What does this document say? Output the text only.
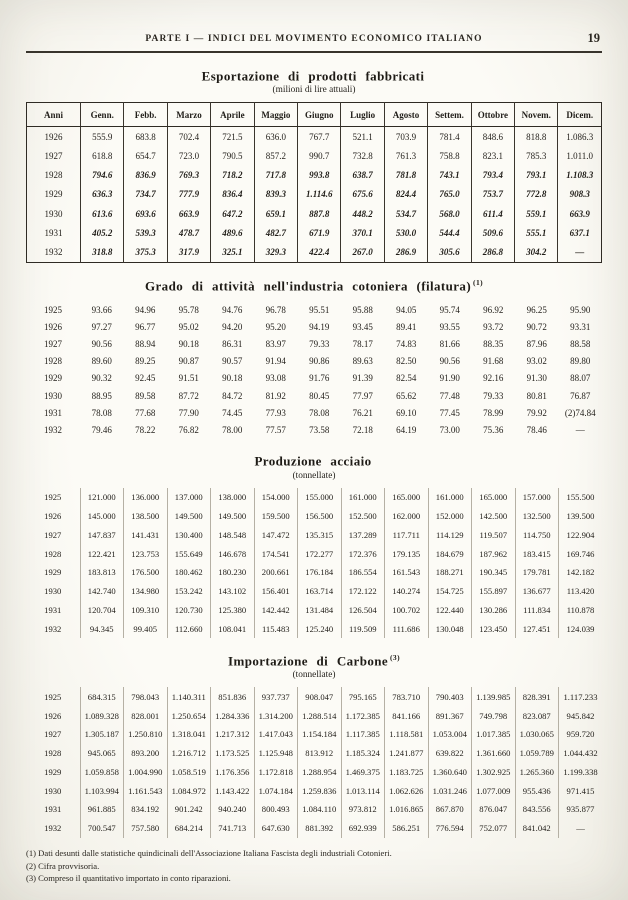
PARTE I — INDICI DEL MOVIMENTO ECONOMICO ITALIANO	19
Esportazione di prodotti fabbricati
(milioni di lire attuali)
Anni	Genn.	Febb.	Marzo	Aprile	Maggio	Giugno	Luglio	Agosto	Settem.	Ottobre	Novem.	Dicem.
1926	555.9	683.8	702.4	721.5	636.0	767.7	521.1	703.9	781.4	848.6	818.8	1.086.3
1927	618.8	654.7	723.0	790.5	857.2	990.7	732.8	761.3	758.8	823.1	785.3	1.011.0
1928	794.6	836.9	769.3	718.2	717.8	993.8	638.7	781.8	743.1	793.4	793.1	1.108.3
1929	636.3	734.7	777.9	836.4	839.3	1.114.6	675.6	824.4	765.0	753.7	772.8	908.3
1930	613.6	693.6	663.9	647.2	659.1	887.8	448.2	534.7	568.0	611.4	559.1	663.9
1931	405.2	539.3	478.7	489.6	482.7	671.9	370.1	530.0	544.4	509.6	555.1	637.1
1932	318.8	375.3	317.9	325.1	329.3	422.4	267.0	286.9	305.6	286.8	304.2	—
Grado di attività nell'industria cotoniera (filatura) $^{(1)}$
1925	93.66	94.96	95.78	94.76	96.78	95.51	95.88	94.05	95.74	96.92	96.25	95.90
1926	97.27	96.77	95.02	94.20	95.20	94.19	93.45	89.41	93.55	93.72	90.72	93.31
1927	90.56	88.94	90.18	86.31	83.97	79.33	78.17	74.83	81.66	88.35	87.96	88.58
1928	89.60	89.25	90.87	90.57	91.94	90.86	89.63	82.50	90.56	91.68	93.02	89.80
1929	90.32	92.45	91.51	90.18	93.08	91.76	91.39	82.54	91.90	92.16	91.30	88.07
1930	88.95	89.58	87.72	84.72	81.92	80.45	77.97	65.62	77.48	79.33	80.81	76.87
1931	78.08	77.68	77.90	74.45	77.93	78.08	76.21	69.10	77.45	78.99	79.92	(2)74.84
1932	79.46	78.22	76.82	78.00	77.57	73.58	72.18	64.19	73.00	75.36	78.46	—
Produzione acciaio
(tonnellate)
1925	121.000	136.000	137.000	138.000	154.000	155.000	161.000	165.000	161.000	165.000	157.000	155.500
1926	145.000	138.500	149.500	149.500	159.500	156.500	152.500	162.000	152.000	142.500	132.500	139.500
1927	147.837	141.431	130.400	148.548	147.472	135.315	137.289	117.711	114.129	119.507	114.750	122.904
1928	122.421	123.753	155.649	146.678	174.541	172.277	172.376	179.135	184.679	187.962	183.415	169.746
1929	183.813	176.500	180.462	180.230	200.661	176.184	186.554	161.543	188.271	190.345	179.781	142.182
1930	142.740	134.980	153.242	143.102	156.401	163.714	172.122	140.274	154.725	155.897	136.677	113.420
1931	120.704	109.310	120.730	125.380	142.442	131.484	126.504	100.702	122.440	130.286	111.834	110.878
1932	94.345	99.405	112.660	108.041	115.483	125.240	119.509	111.686	130.048	123.450	127.451	124.039
Importazione di Carbone $^{(3)}$
(tonnellate)
1925	684.315	798.043	1.140.311	851.836	937.737	908.047	795.165	783.710	790.403	1.139.985	828.391	1.117.233
1926	1.089.328	828.001	1.250.654	1.284.336	1.314.200	1.288.514	1.172.385	841.166	891.367	749.798	823.087	945.842
1927	1.305.187	1.250.810	1.318.041	1.217.312	1.417.043	1.154.184	1.117.385	1.118.581	1.053.004	1.017.385	1.030.065	959.720
1928	945.065	893.200	1.216.712	1.173.525	1.125.948	813.912	1.185.324	1.241.877	639.822	1.361.660	1.059.789	1.044.432
1929	1.059.858	1.004.990	1.058.519	1.176.356	1.172.818	1.288.954	1.469.375	1.183.725	1.360.640	1.302.925	1.265.360	1.199.338
1930	1.103.994	1.161.543	1.084.972	1.143.422	1.074.184	1.259.836	1.013.114	1.062.626	1.031.246	1.077.009	955.436	971.415
1931	961.885	834.192	901.242	940.240	800.493	1.084.110	973.812	1.016.865	867.870	876.047	843.556	935.877
1932	700.547	757.580	684.214	741.713	647.630	881.392	692.939	586.251	776.594	752.077	841.042	—
(1) Dati desunti dalle statistiche quindicinali dell'Associazione Italiana Fascista degli industriali Cotonieri.
(2) Cifra provvisoria.
(3) Compreso il quantitativo importato in conto riparazioni.
